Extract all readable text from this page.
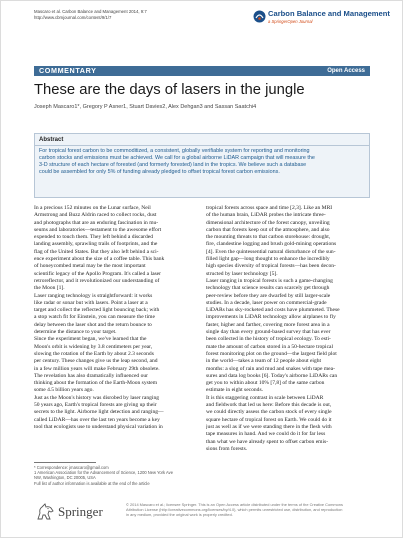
Mascaro et al. Carbon Balance and Management 2014, 9:7
http://www.cbmjournal.com/content/9/1/7	Carbon Balance and Management
a SpringerOpen Journal
COMMENTARY	Open Access
These are the days of lasers in the jungle
Joseph Mascaro1*, Gregory P Asner1, Stuart Davies2, Alex Dehgan3 and Sassan Saatchi4
Abstract
For tropical forest carbon to be commoditized, a consistent, globally verifiable system for reporting and monitoring
carbon stocks and emissions must be achieved. We call for a global airborne LiDAR campaign that will measure the
3-D structure of each hectare of forested (and formerly forested) land in the tropics. We believe such a database
could be assembled for only 5% of funding already pledged to offset tropical forest carbon emissions.
In a precious 152 minutes on the Lunar surface, Neil
Armstrong and Buzz Aldrin raced to collect rocks, dust
and photographs that are an enduring fascination in mu-
seums and laboratories—testament to the awesome effort
expended to touch them. They left behind a discarded
landing assembly, sprawling trails of footprints, and the
flag of the United States. But they also left behind a sci-
ence experiment about the size of a coffee table. This bank
of honeycombed metal may be the most important
scientific legacy of the Apollo Program. It's called a laser
retroreflector, and it revolutionized our understanding of
the Moon [1].
Laser ranging technology is straightforward: it works
like radar or sonar but with lasers. Point a laser at a
target and collect the reflected light bouncing back; with
a stop watch fit for Einstein, you can measure the time
delay between the laser shot and the return bounce to
determine the distance to your target.
Since the experiment began, we've learned that the
Moon's orbit is widening by 3.8 centimeters per year,
slowing the rotation of the Earth by about 2.3 seconds
per century. These changes give us the leap second, and
in a few million years will make February 29th obsolete.
The revelation has also dramatically influenced our
thinking about the formation of the Earth-Moon system
some 4.5 billion years ago.
Just as the Moon's history was disrobed by laser ranging
50 years ago, Earth's tropical forests are giving up their
secrets to the light. Airborne light detection and ranging—
called LiDAR—has over the last ten years become a key
tool that ecologists use to understand physical variation in
tropical forests across space and time [2,3]. Like an MRI
of the human brain, LiDAR probes the intricate three-
dimensional architecture of the forest canopy, unveiling
carbon that forests keep out of the atmosphere, and also
the mounting threats to that carbon storehouse: drought,
fire, clandestine logging and brush gold-mining operations
[4]. Even the quintessential natural disturbance of the sun-
filled light gap—long thought to enhance the incredibly
high species diversity of tropical forests—has been decon-
structed by laser technology [5].
Laser ranging in tropical forests is such a game-changing
technology that science results can scarcely get through
peer-review before they are dwarfed by still larger-scale
studies. In a decade, laser power on commercial-grade
LiDARs has sky-rocketed and costs have plummeted. These
improvements in LiDAR technology allow airplanes to fly
faster, higher and farther, covering more forest area in a
single day than every ground-based survey that has ever
been collected in the history of tropical ecology. To esti-
mate the amount of carbon stored in a 50-hectare tropical
forest monitoring plot on the ground—the largest field plot
in the world—takes a team of 12 people about eight
months: a slog of rain and mud and snakes with tape mea-
sures and data log books [6]. Today's airborne LiDARs can
get you to within about 10% [7,8] of the same carbon
estimate in eight seconds.
It is this staggering contrast in scale between LiDAR
and fieldwork that led us here: Before this decade is out,
we could directly assess the carbon stock of every single
square hectare of tropical forest on Earth. We could do it
just as well as if we were standing there in the flesh with
tape measures in hand. And we could do it for far less
than what we have already spent to offset carbon emis-
sions from forests.
* Correspondence: jmascaro@gmail.com
1 American Association for the Advancement of Science, 1200 New York Ave
NW, Washington, DC 20005, USA
Full list of author information is available at the end of the article
Springer	© 2014 Mascaro et al.; licensee Springer. This is an Open Access article distributed under the terms of the Creative Commons
Attribution License (http://creativecommons.org/licenses/by/4.0), which permits unrestricted use, distribution, and reproduction
in any medium, provided the original work is properly credited.
